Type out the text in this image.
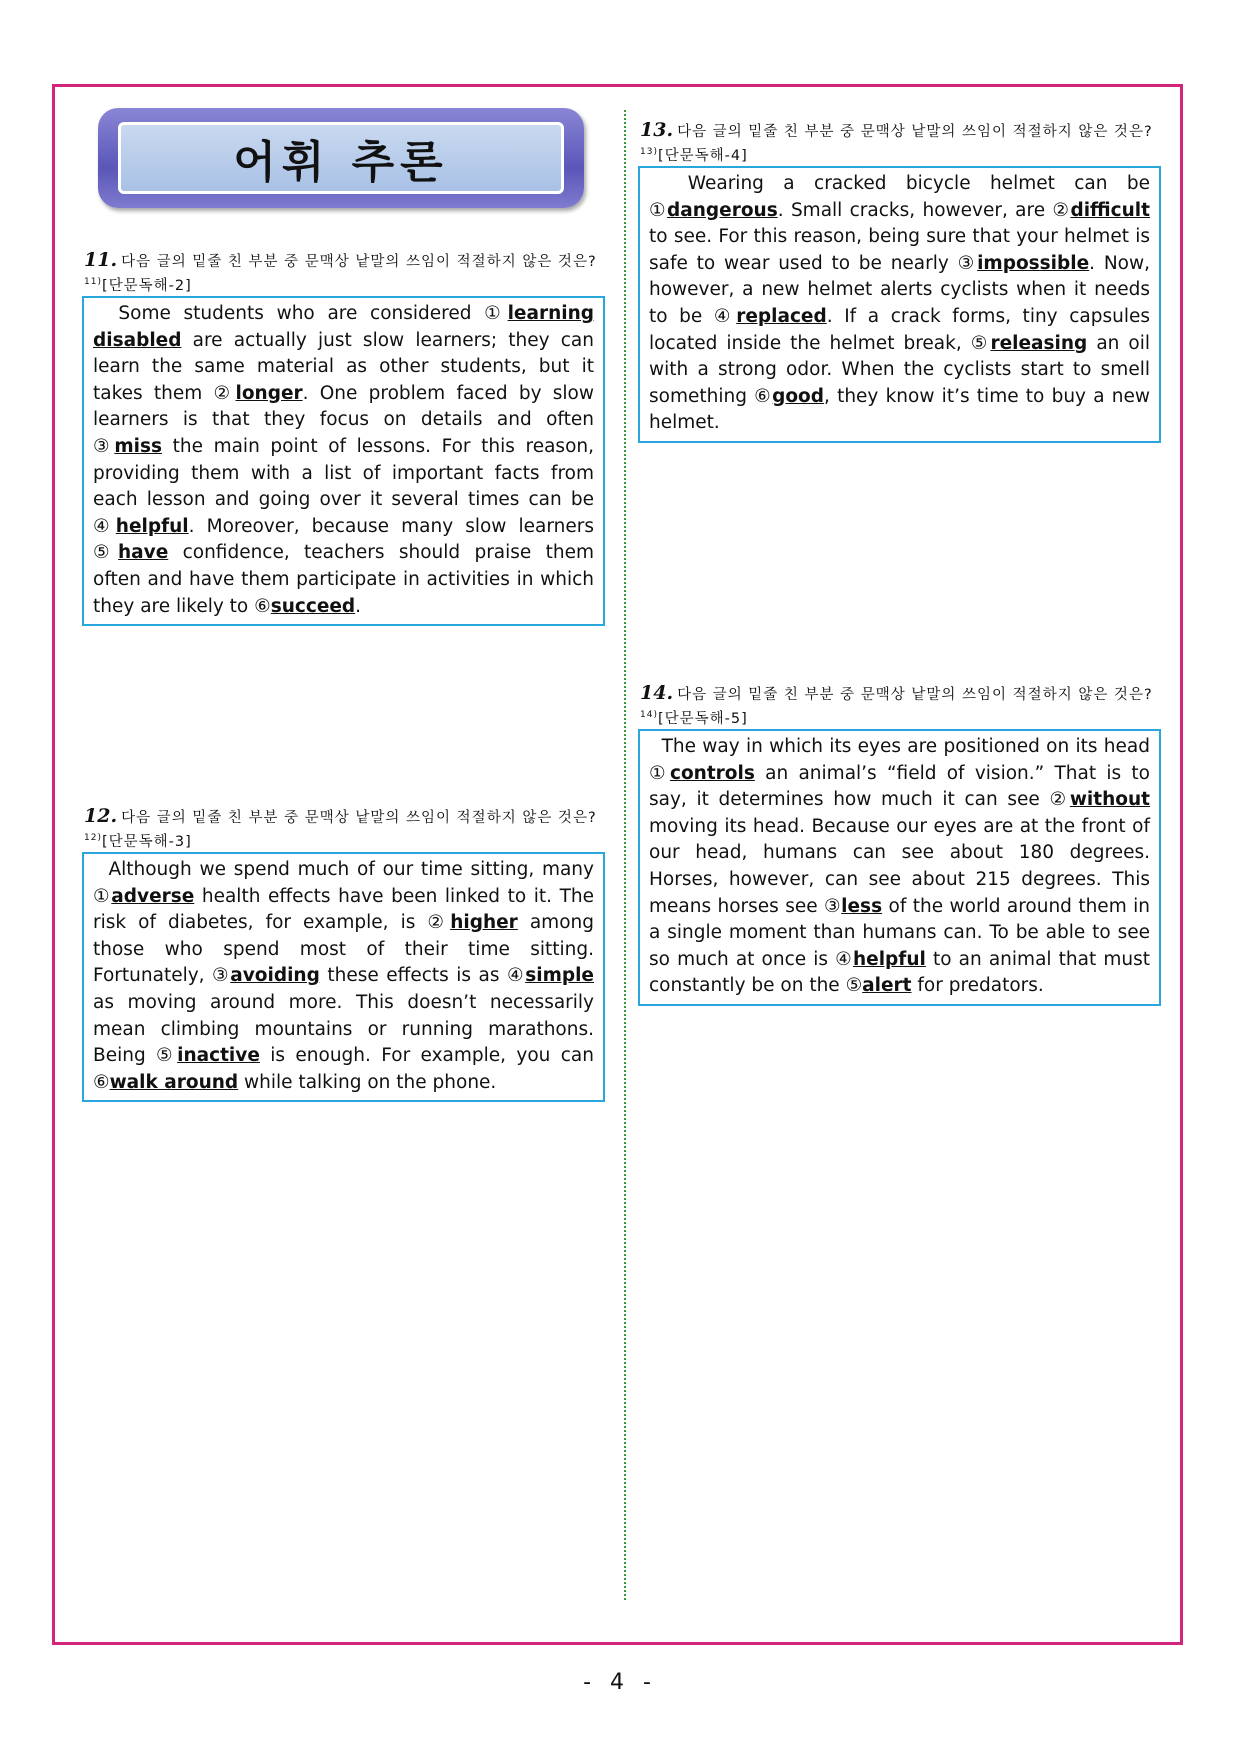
어휘 추론
11. 다음 글의 밑줄 친 부분 중 문맥상 낱말의 쓰임이 적절하지 않은 것은?$^{11)}$[단문독해-2]
Some students who are considered ①learning disabled are actually just slow learners; they can learn the same material as other students, but it takes them ②longer. One problem faced by slow learners is that they focus on details and often ③miss the main point of lessons. For this reason, providing them with a list of important facts from each lesson and going over it several times can be ④helpful. Moreover, because many slow learners ⑤have confidence, teachers should praise them often and have them participate in activities in which they are likely to ⑥succeed.
12. 다음 글의 밑줄 친 부분 중 문맥상 낱말의 쓰임이 적절하지 않은 것은?$^{12)}$[단문독해-3]
Although we spend much of our time sitting, many ①adverse health effects have been linked to it. The risk of diabetes, for example, is ②higher among those who spend most of their time sitting. Fortunately, ③avoiding these effects is as ④simple as moving around more. This doesn’t necessarily mean climbing mountains or running marathons. Being ⑤inactive is enough. For example, you can ⑥walk around while talking on the phone.
13. 다음 글의 밑줄 친 부분 중 문맥상 낱말의 쓰임이 적절하지 않은 것은?$^{13)}$[단문독해-4]
Wearing a cracked bicycle helmet can be ①dangerous. Small cracks, however, are ②difficult to see. For this reason, being sure that your helmet is safe to wear used to be nearly ③impossible. Now, however, a new helmet alerts cyclists when it needs to be ④replaced. If a crack forms, tiny capsules located inside the helmet break, ⑤releasing an oil with a strong odor. When the cyclists start to smell something ⑥good, they know it’s time to buy a new helmet.
14. 다음 글의 밑줄 친 부분 중 문맥상 낱말의 쓰임이 적절하지 않은 것은?$^{14)}$[단문독해-5]
The way in which its eyes are positioned on its head ①controls an animal’s “field of vision.” That is to say, it determines how much it can see ②without moving its head. Because our eyes are at the front of our head, humans can see about 180 degrees. Horses, however, can see about 215 degrees. This means horses see ③less of the world around them in a single moment than humans can. To be able to see so much at once is ④helpful to an animal that must constantly be on the ⑤alert for predators.
- 4 -
